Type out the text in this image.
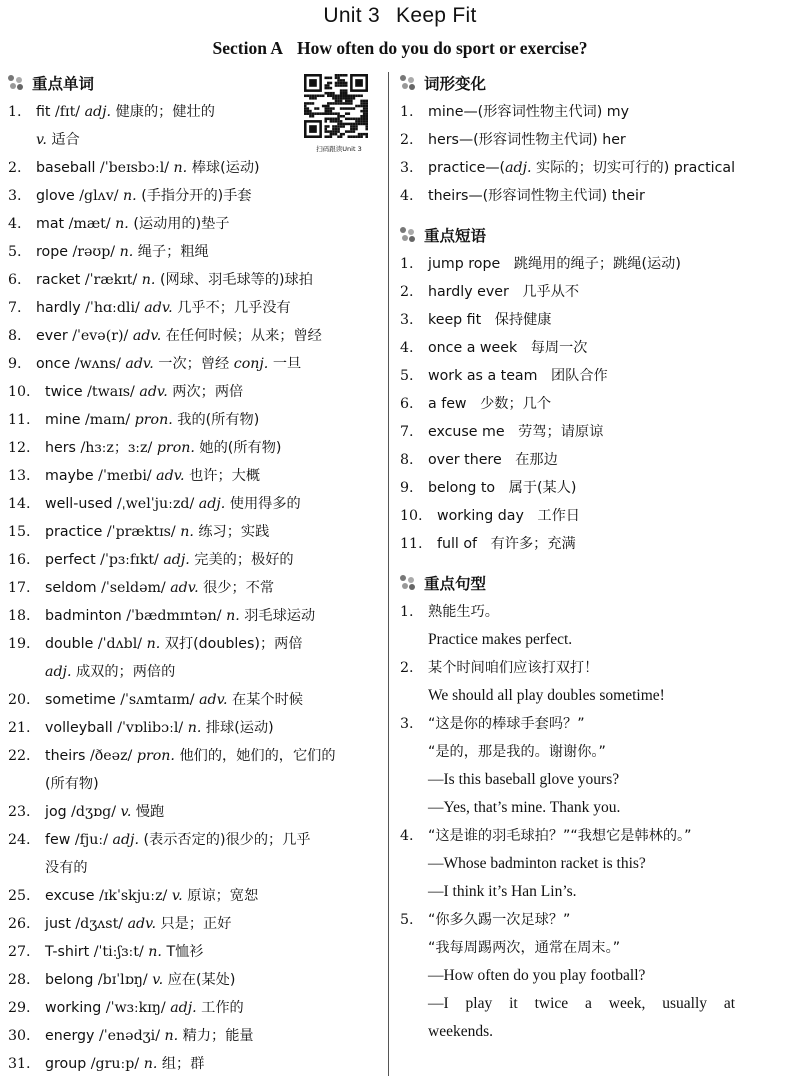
Unit 3 Keep Fit
Section A How often do you do sport or exercise?
重点单词
扫码跟读Unit 3
1.	fit /fɪt/ adj. 健康的；健壮的
v. 适合
2.	baseball /ˈbeɪsbɔːl/ n. 棒球(运动)
3.	glove /glʌv/ n. (手指分开的)手套
4.	mat /mæt/ n. (运动用的)垫子
5.	rope /rəʊp/ n. 绳子；粗绳
6.	racket /ˈrækɪt/ n. (网球、羽毛球等的)球拍
7.	hardly /ˈhɑːdli/ adv. 几乎不；几乎没有
8.	ever /ˈevə(r)/ adv. 在任何时候；从来；曾经
9.	once /wʌns/ adv. 一次；曾经 conj. 一旦
10.	twice /twaɪs/ adv. 两次；两倍
11.	mine /maɪn/ pron. 我的(所有物)
12.	hers /hɜːz；ɜːz/ pron. 她的(所有物)
13.	maybe /ˈmeɪbi/ adv. 也许；大概
14.	well-used /ˌwelˈjuːzd/ adj. 使用得多的
15.	practice /ˈpræktɪs/ n. 练习；实践
16.	perfect /ˈpɜːfɪkt/ adj. 完美的；极好的
17.	seldom /ˈseldəm/ adv. 很少；不常
18.	badminton /ˈbædmɪntən/ n. 羽毛球运动
19.	double /ˈdʌbl/ n. 双打(doubles)；两倍
adj. 成双的；两倍的
20.	sometime /ˈsʌmtaɪm/ adv. 在某个时候
21.	volleyball /ˈvɒlibɔːl/ n. 排球(运动)
22.	theirs /ðeəz/ pron. 他们的，她们的，它们的
(所有物)
23.	jog /dʒɒg/ v. 慢跑
24.	few /fjuː/ adj. (表示否定的)很少的；几乎
没有的
25.	excuse /ɪkˈskjuːz/ v. 原谅；宽恕
26.	just /dʒʌst/ adv. 只是；正好
27.	T-shirt /ˈtiːʃɜːt/ n. T恤衫
28.	belong /bɪˈlɒŋ/ v. 应在(某处)
29.	working /ˈwɜːkɪŋ/ adj. 工作的
30.	energy /ˈenədʒi/ n. 精力；能量
31.	group /gruːp/ n. 组；群
词形变化
1.	mine—(形容词性物主代词) my
2.	hers—(形容词性物主代词) her
3.	practice—(adj. 实际的；切实可行的) practical
4.	theirs—(形容词性物主代词) their
重点短语
1.	jump rope 跳绳用的绳子；跳绳(运动)
2.	hardly ever 几乎从不
3.	keep fit 保持健康
4.	once a week 每周一次
5.	work as a team 团队合作
6.	a few 少数；几个
7.	excuse me 劳驾；请原谅
8.	over there 在那边
9.	belong to 属于(某人)
10.	working day 工作日
11.	full of 有许多；充满
重点句型
1.	熟能生巧。
Practice makes perfect.
2.	某个时间咱们应该打双打！
We should all play doubles sometime!
3.	“这是你的棒球手套吗？”
“是的，那是我的。谢谢你。”
—Is this baseball glove yours?
—Yes, that’s mine. Thank you.
4.	“这是谁的羽毛球拍？”“我想它是韩林的。”
—Whose badminton racket is this?
—I think it’s Han Lin’s.
5.	“你多久踢一次足球？”
“我每周踢两次，通常在周末。”
—How often do you play football?
—I play it twice a week, usually at
weekends.
